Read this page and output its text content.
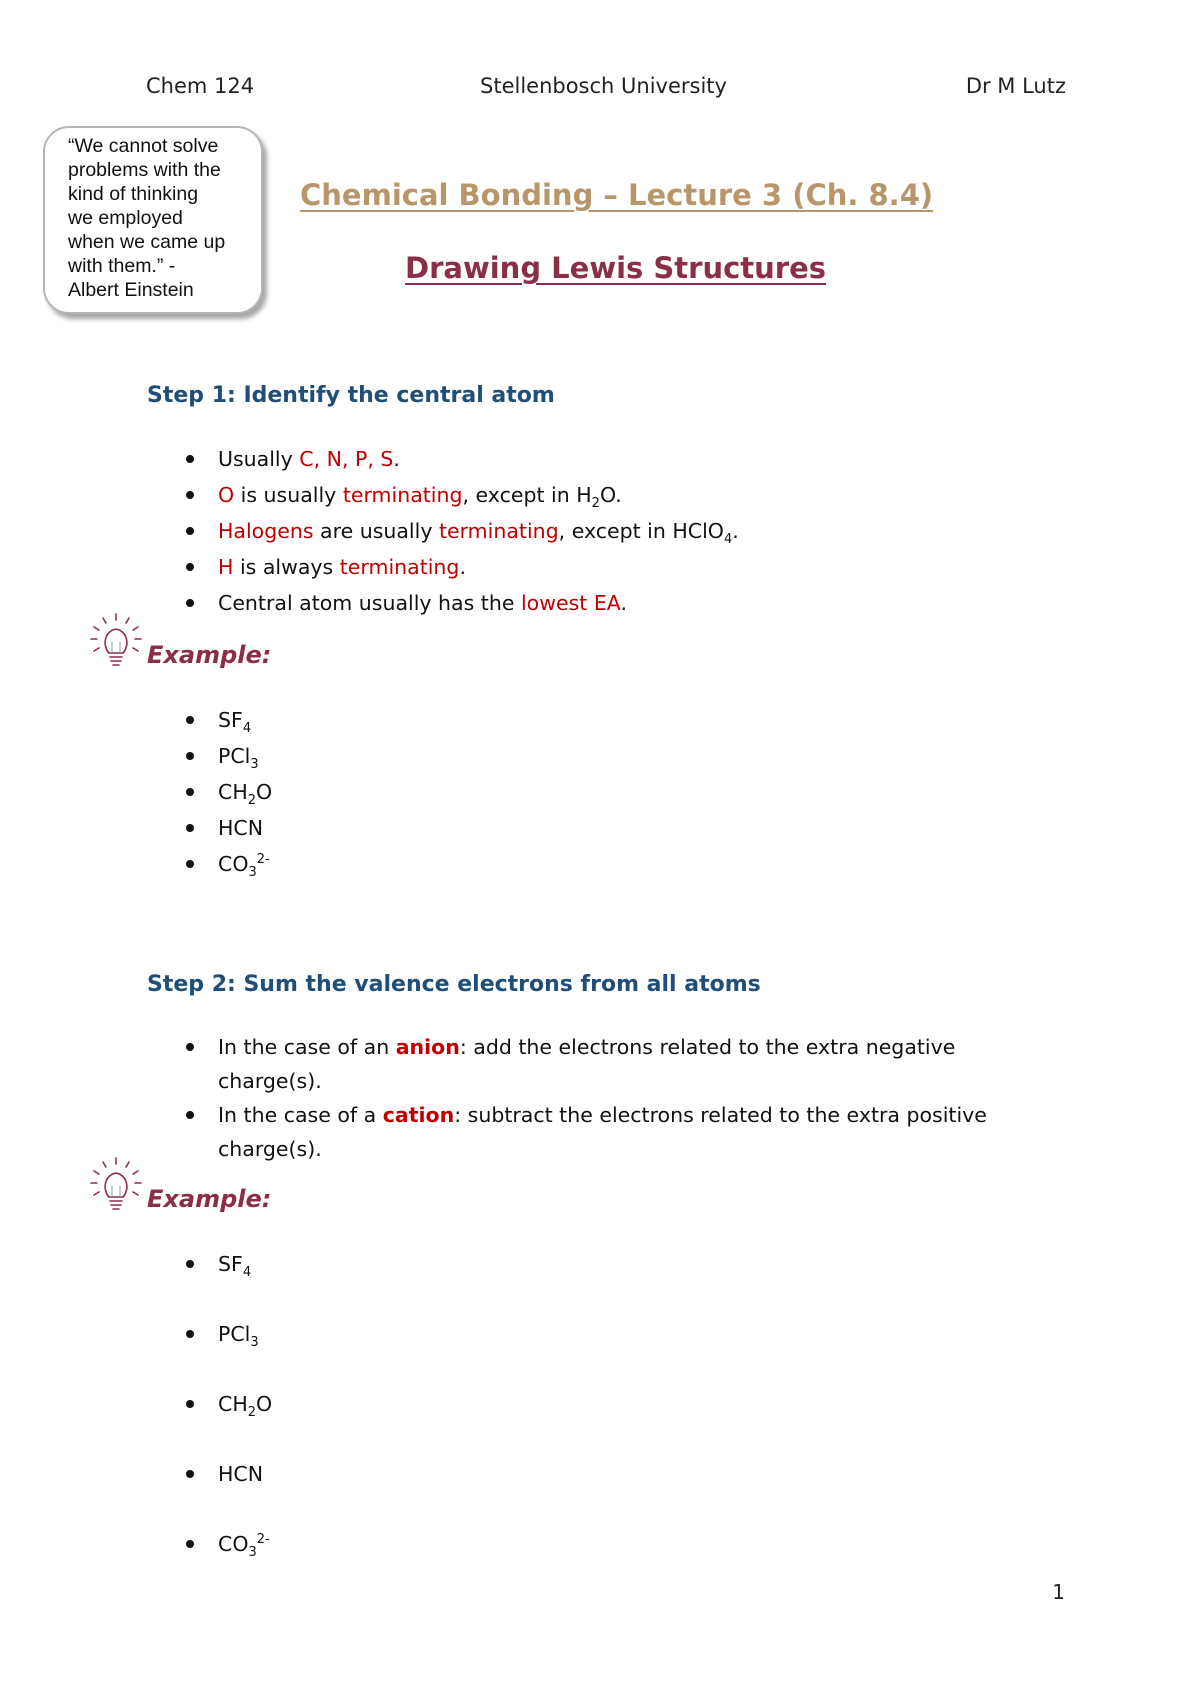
Chem 124	Stellenbosch University	Dr M Lutz
“We cannot solve
problems with the
kind of thinking
we employed
when we came up
with them.” -
Albert Einstein
Chemical Bonding – Lecture 3 (Ch. 8.4)
Drawing Lewis Structures
Step 1: Identify the central atom
Usually C, N, P, S.
O is usually terminating, except in $H_2O$.
Halogens are usually terminating, except in HClO$_4$.
H is always terminating.
Central atom usually has the lowest EA.
Example:
$SF_4$
PCl$_3$
$CH_2O$
HCN
$CO_3^{2-}$
Step 2: Sum the valence electrons from all atoms
In the case of an anion: add the electrons related to the extra negative
charge(s).
In the case of a cation: subtract the electrons related to the extra positive
charge(s).
Example:
$SF_4$
PCl$_3$
$CH_2O$
HCN
$CO_3^{2-}$
1
